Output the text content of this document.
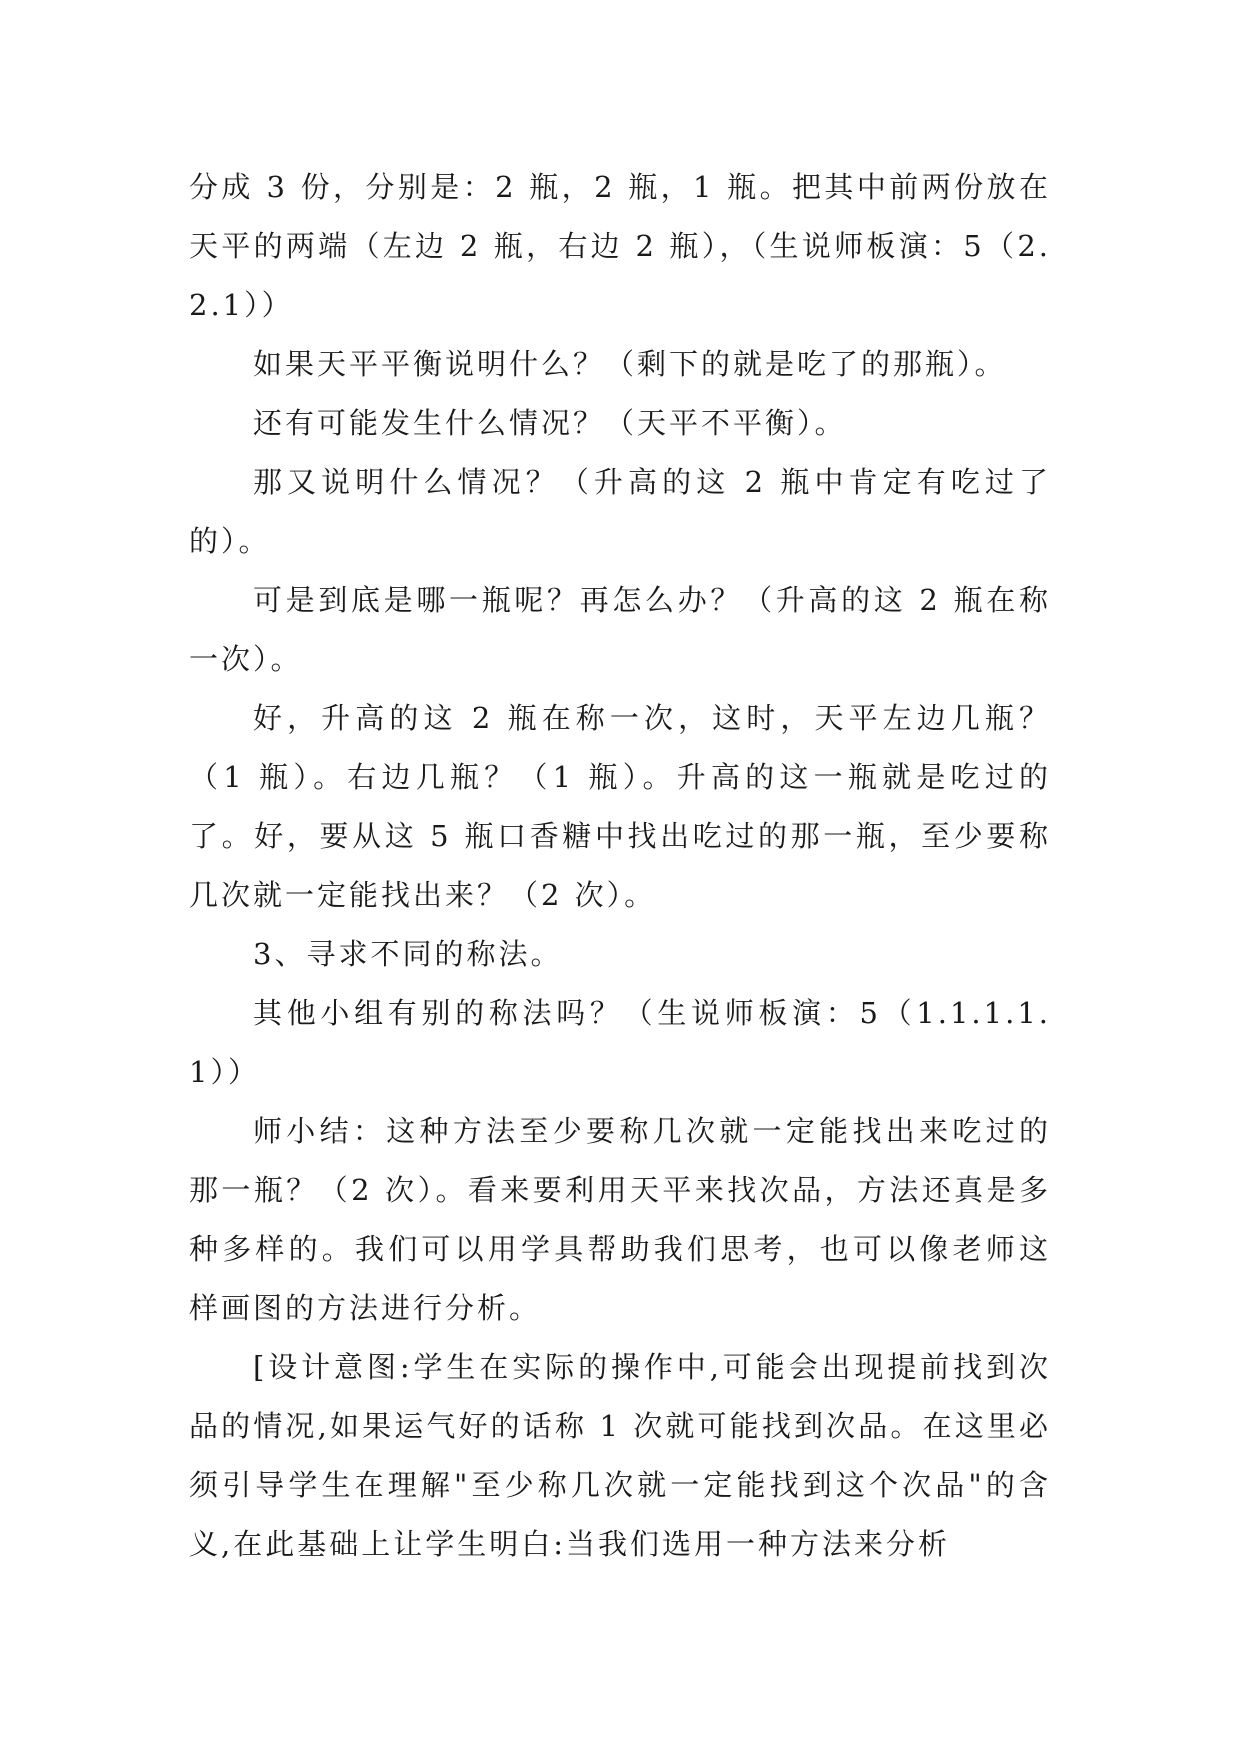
分成 3 份，分别是：2 瓶，2 瓶，1 瓶。把其中前两份放在天平的两端（左边 2 瓶，右边 2 瓶），（生说师板演：5（2.2.1））

如果天平平衡说明什么？（剩下的就是吃了的那瓶）。

还有可能发生什么情况？（天平不平衡）。

那又说明什么情况？（升高的这 2 瓶中肯定有吃过了的）。

可是到底是哪一瓶呢？再怎么办？（升高的这 2 瓶在称一次）。

好，升高的这 2 瓶在称一次，这时，天平左边几瓶？（1 瓶）。右边几瓶？（1 瓶）。升高的这一瓶就是吃过的了。好，要从这 5 瓶口香糖中找出吃过的那一瓶，至少要称几次就一定能找出来？（2 次）。

3、寻求不同的称法。

其他小组有别的称法吗？（生说师板演：5（1.1.1.1.1））

师小结：这种方法至少要称几次就一定能找出来吃过的那一瓶？（2 次）。看来要利用天平来找次品，方法还真是多种多样的。我们可以用学具帮助我们思考，也可以像老师这样画图的方法进行分析。

[设计意图:学生在实际的操作中,可能会出现提前找到次品的情况,如果运气好的话称 1 次就可能找到次品。在这里必须引导学生在理解"至少称几次就一定能找到这个次品"的含义,在此基础上让学生明白:当我们选用一种方法来分析
